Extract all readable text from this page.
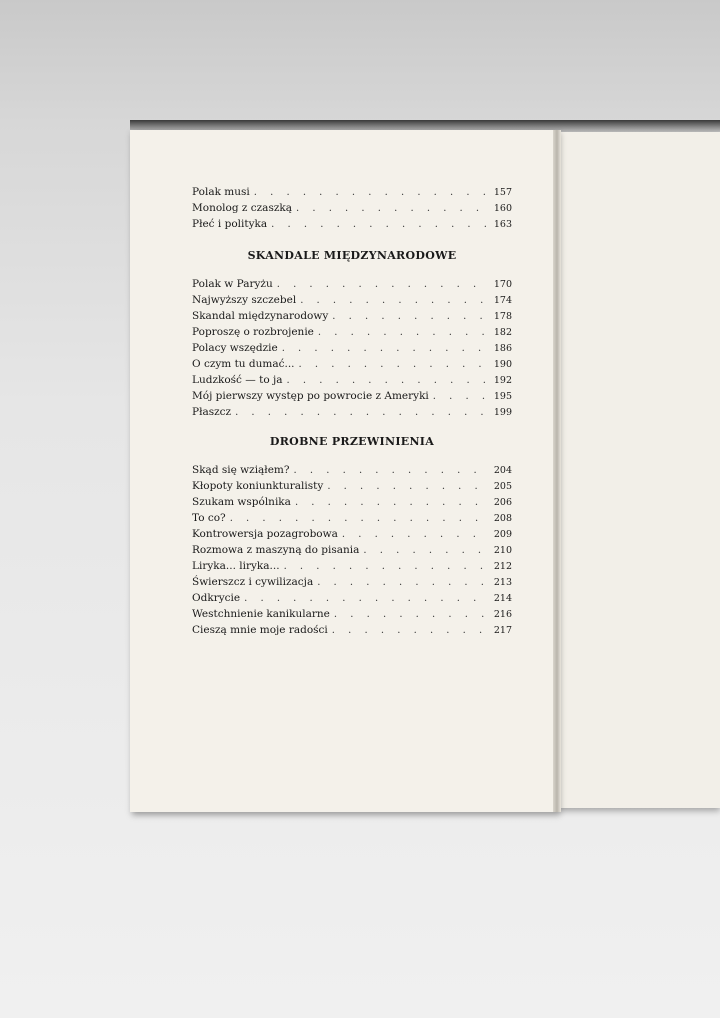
Polak musi . . .	157
Monolog z czaszką . . .	160
Płeć i polityka . . .	163
SKANDALE MIĘDZYNARODOWE
Polak w Paryżu . . .	170
Najwyższy szczebel . . .	174
Skandal międzynarodowy . . .	178
Poproszę o rozbrojenie . . .	182
Polacy wszędzie . . .	186
O czym tu dumać... . . .	190
Ludzkość — to ja . . .	192
Mój pierwszy występ po powrocie z Ameryki . . .	195
Płaszcz . . .	199
DROBNE PRZEWINIENIA
Skąd się wziąłem? . . .	204
Kłopoty koniunkturalisty . . .	205
Szukam wspólnika . . .	206
To co? . . .	208
Kontrowersja pozagrobowa . . .	209
Rozmowa z maszyną do pisania . . .	210
Liryka... liryka... . . .	212
Świerszcz i cywilizacja . . .	213
Odkrycie . . .	214
Westchnienie kanikularne . . .	216
Cieszą mnie moje radości . . .	217
